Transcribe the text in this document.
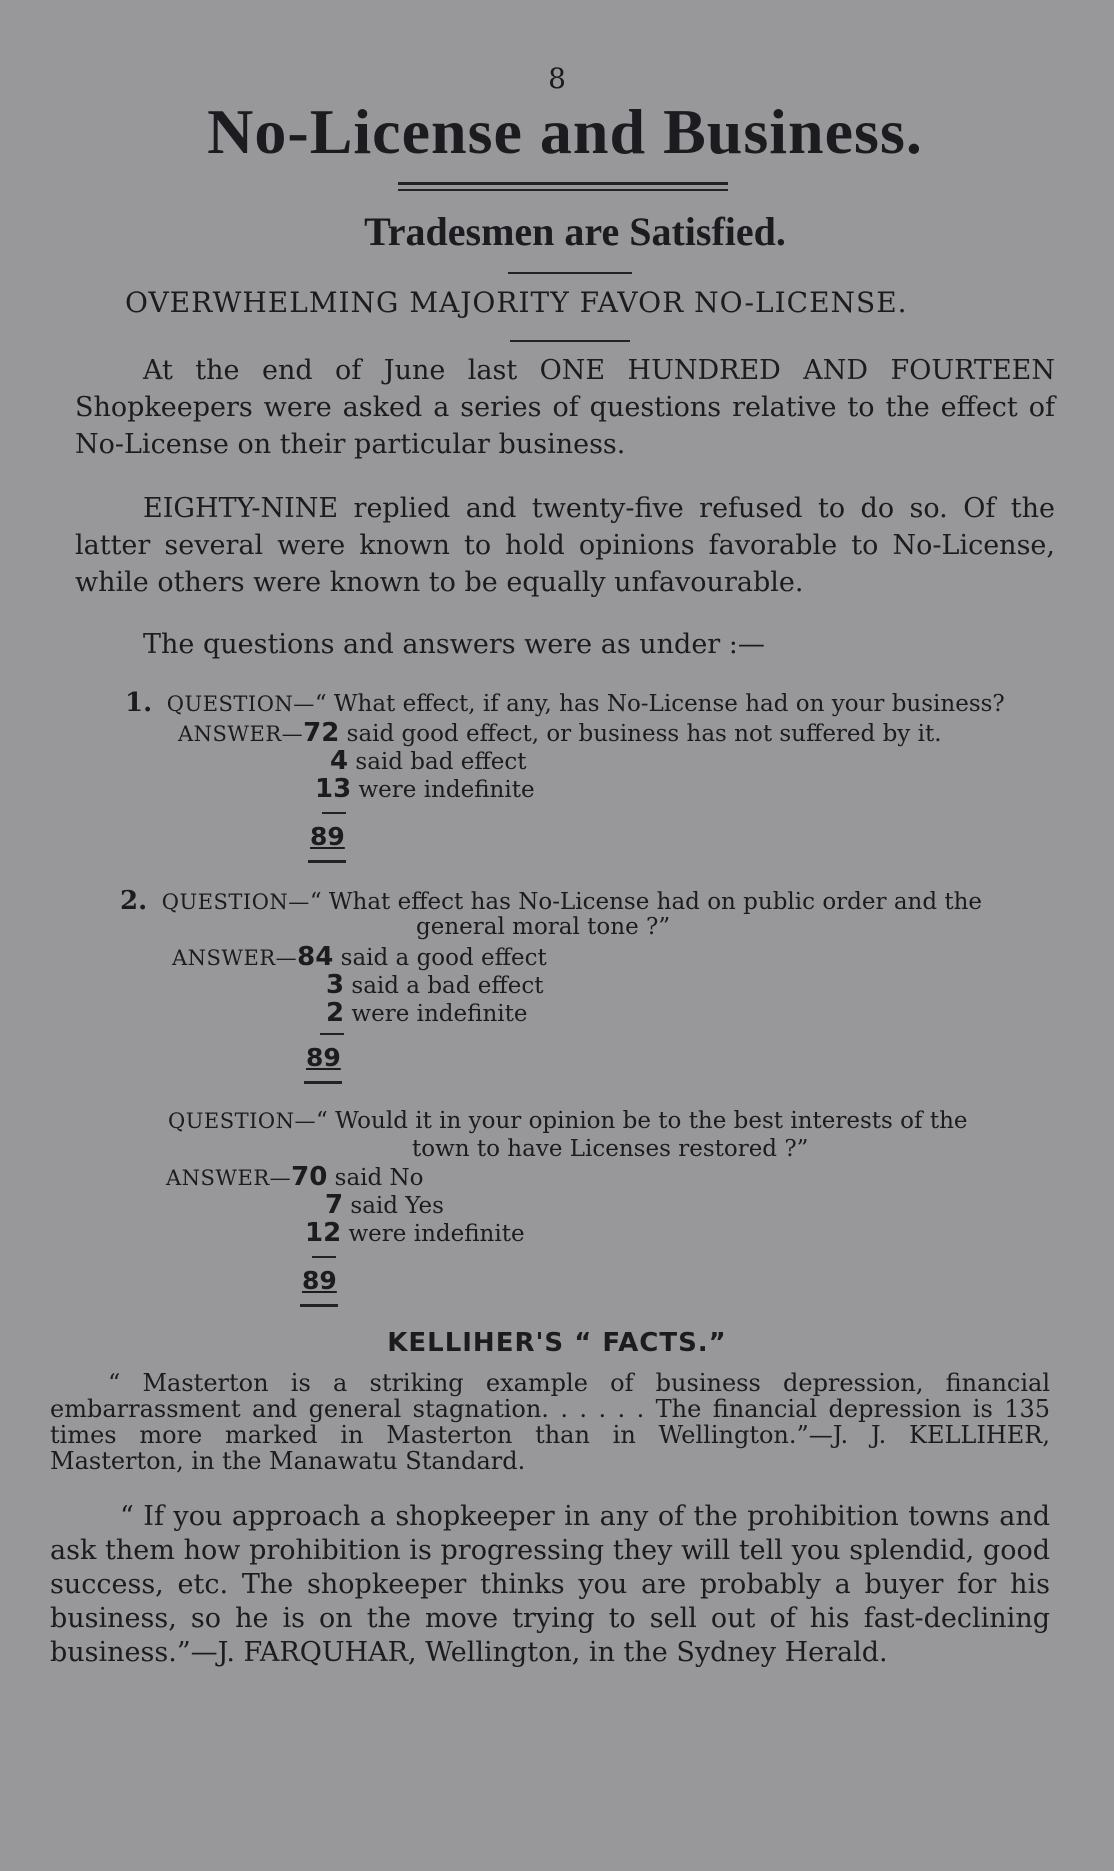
8
No-License and Business.
Tradesmen are Satisfied.
OVERWHELMING MAJORITY FAVOR NO-LICENSE.
At the end of June last ONE HUNDRED AND FOURTEEN Shopkeepers were asked a series of questions relative to the effect of No-License on their particular business.
EIGHTY-NINE replied and twenty-five refused to do so. Of the latter several were known to hold opinions favorable to No-License, while others were known to be equally unfavourable.
The questions and answers were as under :—
1. QUESTION—“ What effect, if any, has No-License had on your business?
ANSWER—72 said good effect, or business has not suffered by it.
4 said bad effect
13 were indefinite
89
2. QUESTION—“ What effect has No-License had on public order and the
general moral tone ?”
ANSWER—84 said a good effect
3 said a bad effect
2 were indefinite
89
QUESTION—“ Would it in your opinion be to the best interests of the
town to have Licenses restored ?”
ANSWER—70 said No
7 said Yes
12 were indefinite
89
KELLIHER'S “ FACTS.”
“ Masterton is a striking example of business depression, financial embarrassment and general stagnation. . . . . . The financial depression is 135 times more marked in Masterton than in Wellington.”—J. J. KELLIHER, Masterton, in the Manawatu Standard.
“ If you approach a shopkeeper in any of the prohibition towns and ask them how prohibition is progressing they will tell you splendid, good success, etc. The shopkeeper thinks you are probably a buyer for his business, so he is on the move trying to sell out of his fast-declining business.”—J. FARQUHAR, Wellington, in the Sydney Herald.
